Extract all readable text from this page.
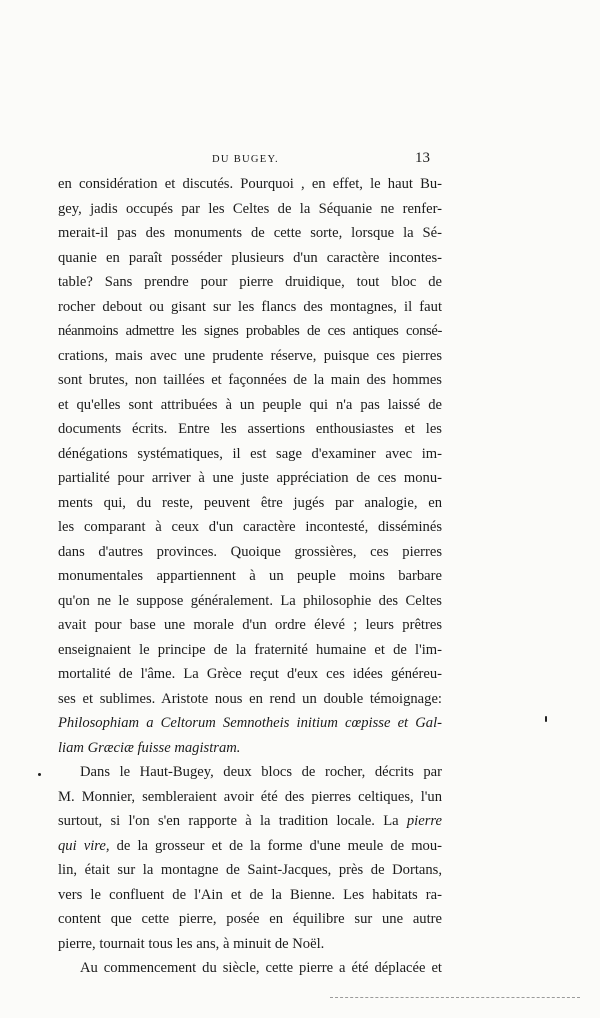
DU BUGEY.	13
en considération et discutés. Pourquoi , en effet, le haut Bu-
gey, jadis occupés par les Celtes de la Séquanie ne renfer-
merait-il pas des monuments de cette sorte, lorsque la Sé-
quanie en paraît posséder plusieurs d'un caractère incontes-
table? Sans prendre pour pierre druidique, tout bloc de
rocher debout ou gisant sur les flancs des montagnes, il faut
néanmoins admettre les signes probables de ces antiques consé-
crations, mais avec une prudente réserve, puisque ces pierres
sont brutes, non taillées et façonnées de la main des hommes
et qu'elles sont attribuées à un peuple qui n'a pas laissé de
documents écrits. Entre les assertions enthousiastes et les
dénégations systématiques, il est sage d'examiner avec im-
partialité pour arriver à une juste appréciation de ces monu-
ments qui, du reste, peuvent être jugés par analogie, en
les comparant à ceux d'un caractère incontesté, disséminés
dans d'autres provinces. Quoique grossières, ces pierres
monumentales appartiennent à un peuple moins barbare
qu'on ne le suppose généralement. La philosophie des Celtes
avait pour base une morale d'un ordre élevé ; leurs prêtres
enseignaient le principe de la fraternité humaine et de l'im-
mortalité de l'âme. La Grèce reçut d'eux ces idées généreu-
ses et sublimes. Aristote nous en rend un double témoignage:
Philosophiam a Celtorum Semnotheis initium cœpisse et Gal-
liam Græciæ fuisse magistram.
Dans le Haut-Bugey, deux blocs de rocher, décrits par
M. Monnier, sembleraient avoir été des pierres celtiques, l'un
surtout, si l'on s'en rapporte à la tradition locale. La pierre
qui vire, de la grosseur et de la forme d'une meule de mou-
lin, était sur la montagne de Saint-Jacques, près de Dortans,
vers le confluent de l'Ain et de la Bienne. Les habitats ra-
content que cette pierre, posée en équilibre sur une autre
pierre, tournait tous les ans, à minuit de Noël.
Au commencement du siècle, cette pierre a été déplacée et
